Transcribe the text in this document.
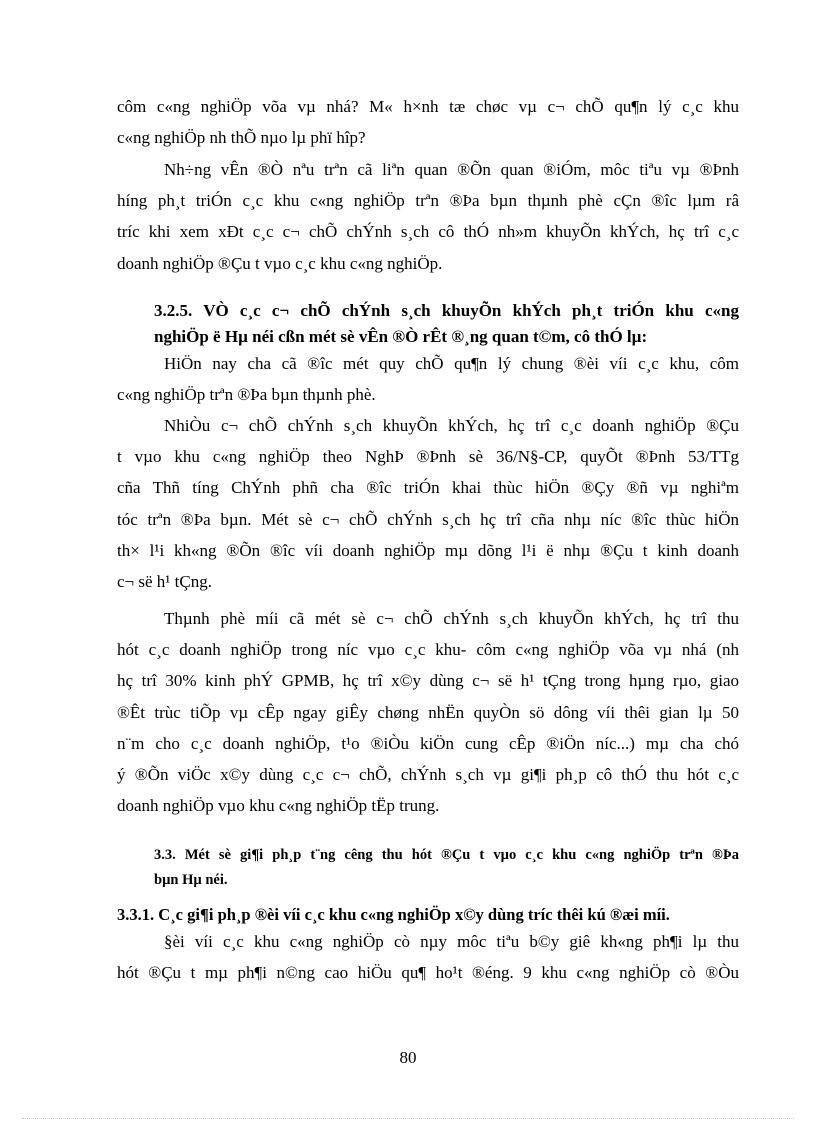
côm c«ng nghiÖp võa vµ nhá? M« h×nh tæ chøc vµ c¬ chÕ qu¶n lý c¸c khu
c«ng nghiÖp nh thÕ nµo lµ phï hîp?

Nh÷ng vÊn ®Ò nªu trªn cã liªn quan ®Õn quan ®iÓm, môc tiªu vµ ®Þnh
híng ph¸t triÓn c¸c khu c«ng nghiÖp trªn ®Þa bµn thµnh phè cÇn ®îc lµm râ
tríc khi xem xÐt c¸c c¬ chÕ chÝnh s¸ch cô thÓ nh»m khuyÕn khÝch, hç trî c¸c
doanh nghiÖp ®Çu t vµo c¸c khu c«ng nghiÖp.

3.2.5. VÒ c¸c c¬ chÕ chÝnh s¸ch khuyÕn khÝch ph¸t triÓn khu c«ng
nghiÖp ë Hµ néi cßn mét sè vÊn ®Ò rÊt ®¸ng quan t©m, cô thÓ lµ:

HiÖn nay cha cã ®îc mét quy chÕ qu¶n lý chung ®èi víi c¸c khu, côm
c«ng nghiÖp trªn ®Þa bµn thµnh phè.

NhiÒu c¬ chÕ chÝnh s¸ch khuyÕn khÝch, hç trî c¸c doanh nghiÖp ®Çu
t vµo khu c«ng nghiÖp theo NghÞ ®Þnh sè 36/N§-CP, quyÕt ®Þnh 53/TTg
cña Thñ tíng ChÝnh phñ cha ®îc triÓn khai thùc hiÖn ®Çy ®ñ vµ nghiªm
tóc trªn ®Þa bµn. Mét sè c¬ chÕ chÝnh s¸ch hç trî cña nhµ níc ®îc thùc hiÖn
th× l¹i kh«ng ®Õn ®îc víi doanh nghiÖp mµ dõng l¹i ë nhµ ®Çu t kinh doanh
c¬ së h¹ tÇng.

Thµnh phè míi cã mét sè c¬ chÕ chÝnh s¸ch khuyÕn khÝch, hç trî thu
hót c¸c doanh nghiÖp trong níc vµo c¸c khu- côm c«ng nghiÖp võa vµ nhá (nh
hç trî 30% kinh phÝ GPMB, hç trî x©y dùng c¬ së h¹ tÇng trong hµng rµo, giao
®Êt trùc tiÕp vµ cÊp ngay giÊy chøng nhËn quyÒn sö dông víi thêi gian lµ 50
n¨m cho c¸c doanh nghiÖp, t¹o ®iÒu kiÖn cung cÊp ®iÖn níc...) mµ cha chó
ý ®Õn viÖc x©y dùng c¸c c¬ chÕ, chÝnh s¸ch vµ gi¶i ph¸p cô thÓ thu hót c¸c
doanh nghiÖp vµo khu c«ng nghiÖp tËp trung.

3.3. Mét sè gi¶i ph¸p t¨ng cêng thu hót ®Çu t vµo c¸c khu c«ng nghiÖp trªn ®Þa
bµn Hµ néi.
3.3.1. C¸c gi¶i ph¸p ®èi víi c¸c khu c«ng nghiÖp x©y dùng tríc thêi kú ®æi míi.

§èi víi c¸c khu c«ng nghiÖp cò nµy môc tiªu b©y giê kh«ng ph¶i lµ thu
hót ®Çu t mµ ph¶i n©ng cao hiÖu qu¶ ho¹t ®éng. 9 khu c«ng nghiÖp cò ®Òu

80
